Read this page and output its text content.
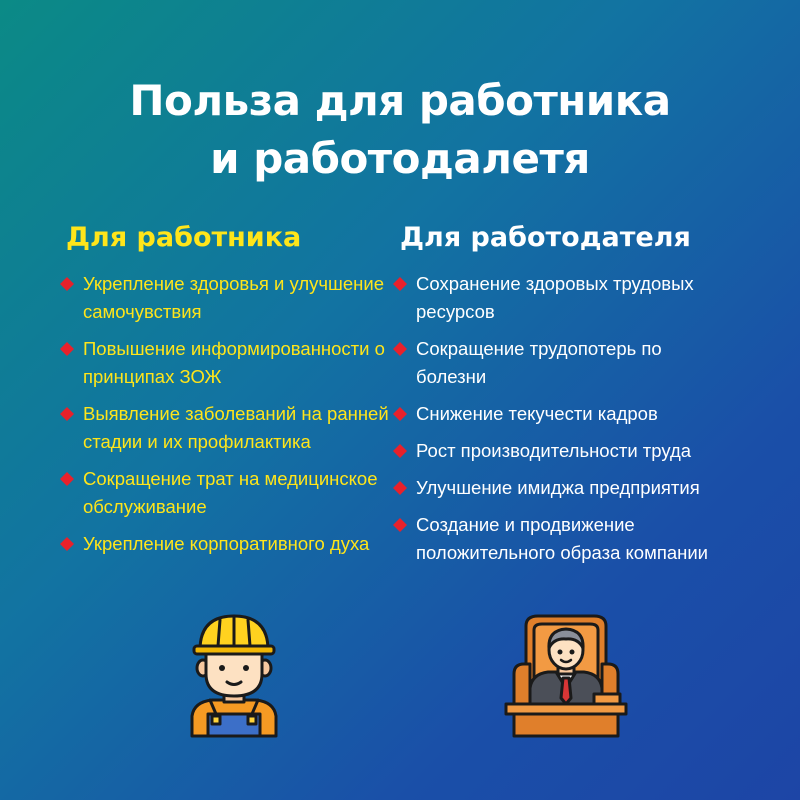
Польза для работника
и работодалетя
Для работника	Для работодателя
Укрепление здоровья и улучшение самочувствия
Повышение информированности о принципах ЗОЖ
Выявление заболеваний на ранней стадии и их профилактика
Сокращение трат на медицинское обслуживание
Укрепление корпоративного духа
Сохранение здоровых трудовых ресурсов
Сокращение трудопотерь по болезни
Снижение текучести кадров
Рост производительности труда
Улучшение имиджа предприятия
Создание и продвижение положительного образа компании
